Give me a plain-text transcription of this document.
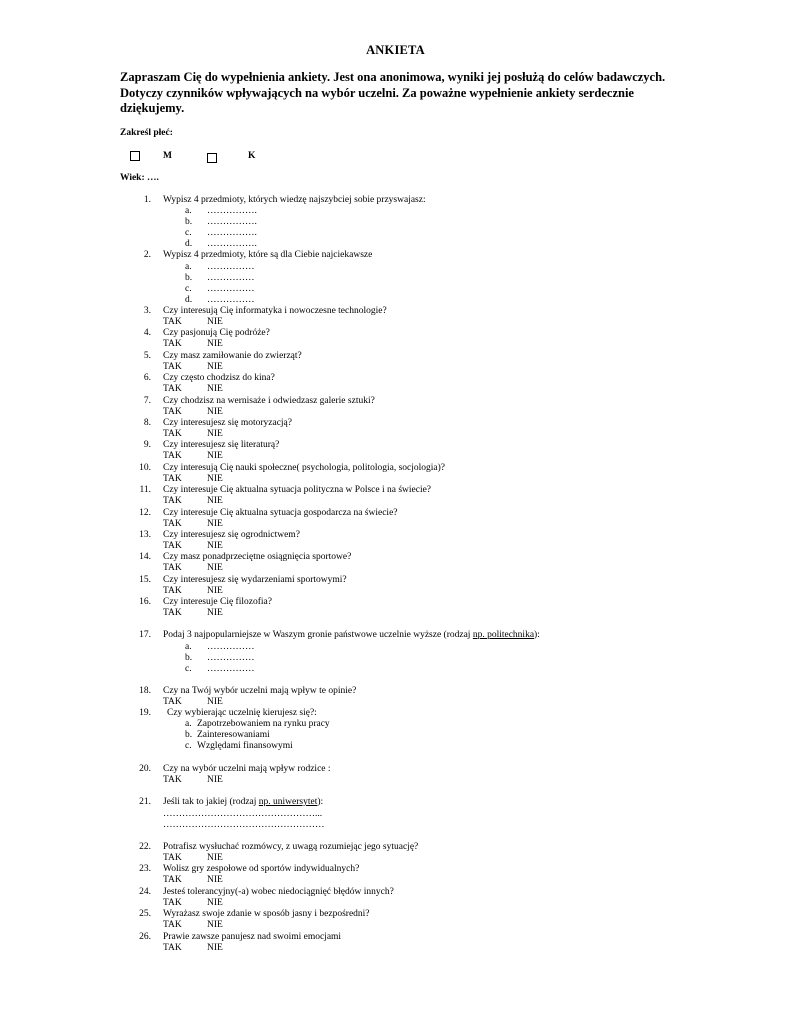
ANKIETA
Zapraszam Cię do wypełnienia ankiety. Jest ona anonimowa, wyniki jej posłużą do celów badawczych. Dotyczy czynników wpływających na wybór uczelni. Za poważne wypełnienie ankiety serdecznie dziękujemy.
Zakreśl płeć:
M	K
Wiek: ….
1. Wypisz 4 przedmioty, których wiedzę najszybciej sobie przyswajasz:
a. …………….
b. …………….
c. …………….
d. …………….
2. Wypisz 4 przedmioty, które są dla Ciebie najciekawsze
a. ……………
b. ……………
c. ……………
d. ……………
3. Czy interesują Cię informatyka i nowoczesne technologie?
TAK	NIE
4. Czy pasjonują Cię podróże?
TAK	NIE
5. Czy masz zamiłowanie do zwierząt?
TAK	NIE
6. Czy często chodzisz do kina?
TAK	NIE
7. Czy chodzisz na wernisaże i odwiedzasz galerie sztuki?
TAK	NIE
8. Czy interesujesz się motoryzacją?
TAK	NIE
9. Czy interesujesz się literaturą?
TAK	NIE
10. Czy interesują Cię nauki społeczne( psychologia, politologia, socjologia)?
TAK	NIE
11. Czy interesuje Cię aktualna sytuacja polityczna w Polsce i na świecie?
TAK	NIE
12. Czy interesuje Cię aktualna sytuacja gospodarcza na świecie?
TAK	NIE
13. Czy interesujesz się ogrodnictwem?
TAK	NIE
14. Czy masz ponadprzeciętne osiągnięcia sportowe?
TAK	NIE
15. Czy interesujesz się wydarzeniami sportowymi?
TAK	NIE
16. Czy interesuje Cię filozofia?
TAK	NIE
17. Podaj 3 najpopularniejsze w Waszym gronie państwowe uczelnie wyższe (rodzaj np. politechnika):
a. ……………
b. ……………
c. ……………
18. Czy na Twój wybór uczelni mają wpływ te opinie?
TAK	NIE
19. Czy wybierając uczelnię kierujesz się?:
a. Zapotrzebowaniem na rynku pracy
b. Zainteresowaniami
c. Względami finansowymi
20. Czy na wybór uczelni mają wpływ rodzice :
TAK	NIE
21. Jeśli tak to jakiej (rodzaj np. uniwersytet):
…………………………………………...
……………………………………………
22. Potrafisz wysłuchać rozmówcy, z uwagą rozumiejąc jego sytuację?
TAK	NIE
23. Wolisz gry zespołowe od sportów indywidualnych?
TAK	NIE
24. Jesteś tolerancyjny(-a) wobec niedociągnięć błędów innych?
TAK	NIE
25. Wyrażasz swoje zdanie w sposób jasny i bezpośredni?
TAK	NIE
26. Prawie zawsze panujesz nad swoimi emocjami
TAK	NIE
